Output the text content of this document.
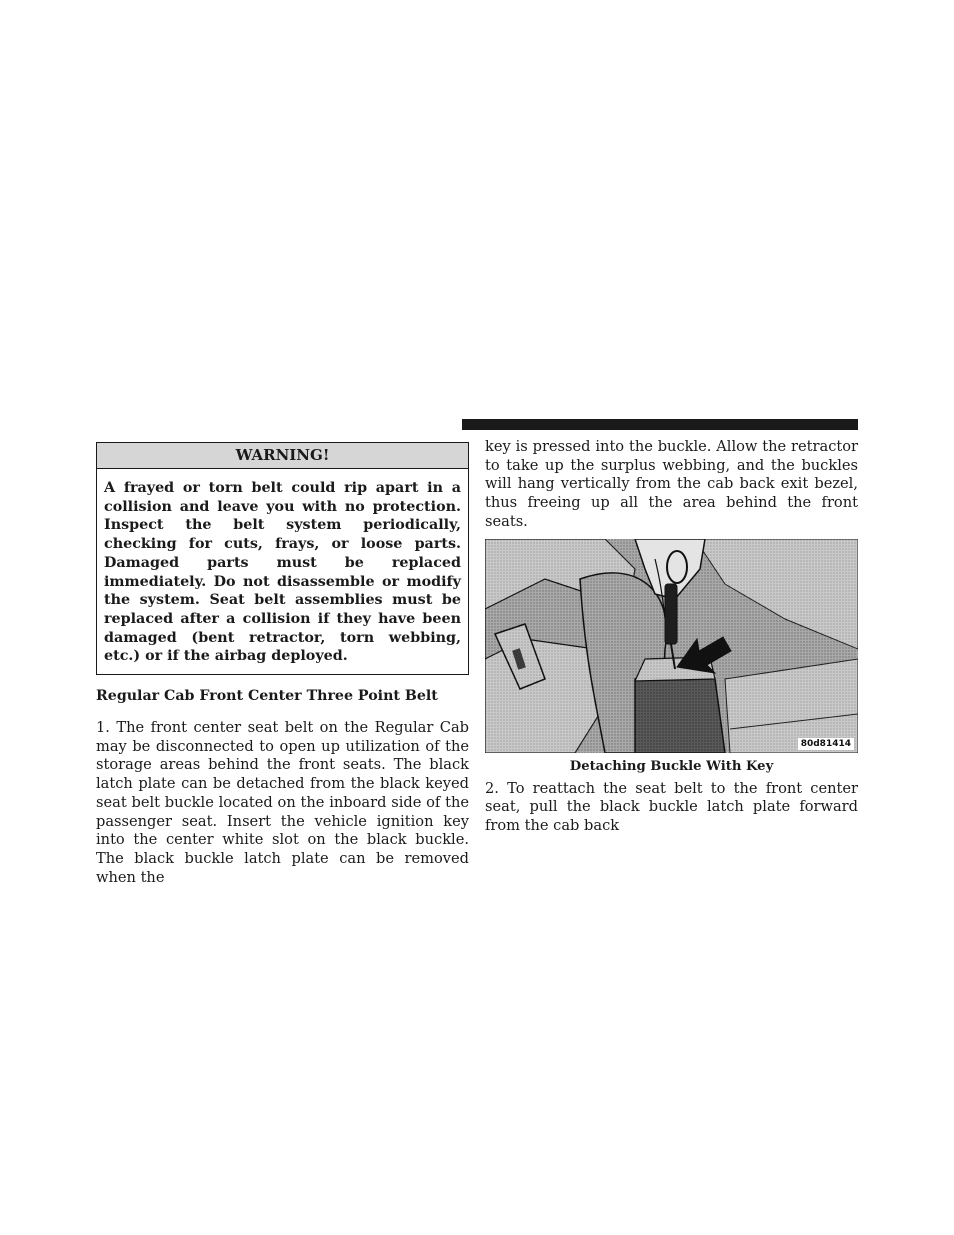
WARNING!
A frayed or torn belt could rip apart in a collision and leave you with no protection. Inspect the belt system periodically, checking for cuts, frays, or loose parts. Damaged parts must be replaced immediately. Do not disassemble or modify the system. Seat belt assemblies must be replaced after a collision if they have been damaged (bent retractor, torn webbing, etc.) or if the airbag deployed.
Regular Cab Front Center Three Point Belt

1. The front center seat belt on the Regular Cab may be disconnected to open up utilization of the storage areas behind the front seats. The black latch plate can be detached from the black keyed seat belt buckle located on the inboard side of the passenger seat. Insert the vehicle ignition key into the center white slot on the black buckle. The black buckle latch plate can be removed when the

key is pressed into the buckle. Allow the retractor to take up the surplus webbing, and the buckles will hang vertically from the cab back exit bezel, thus freeing up all the area behind the front seats.

80d81414
Detaching Buckle With Key

2. To reattach the seat belt to the front center seat, pull the black buckle latch plate forward from the cab back
